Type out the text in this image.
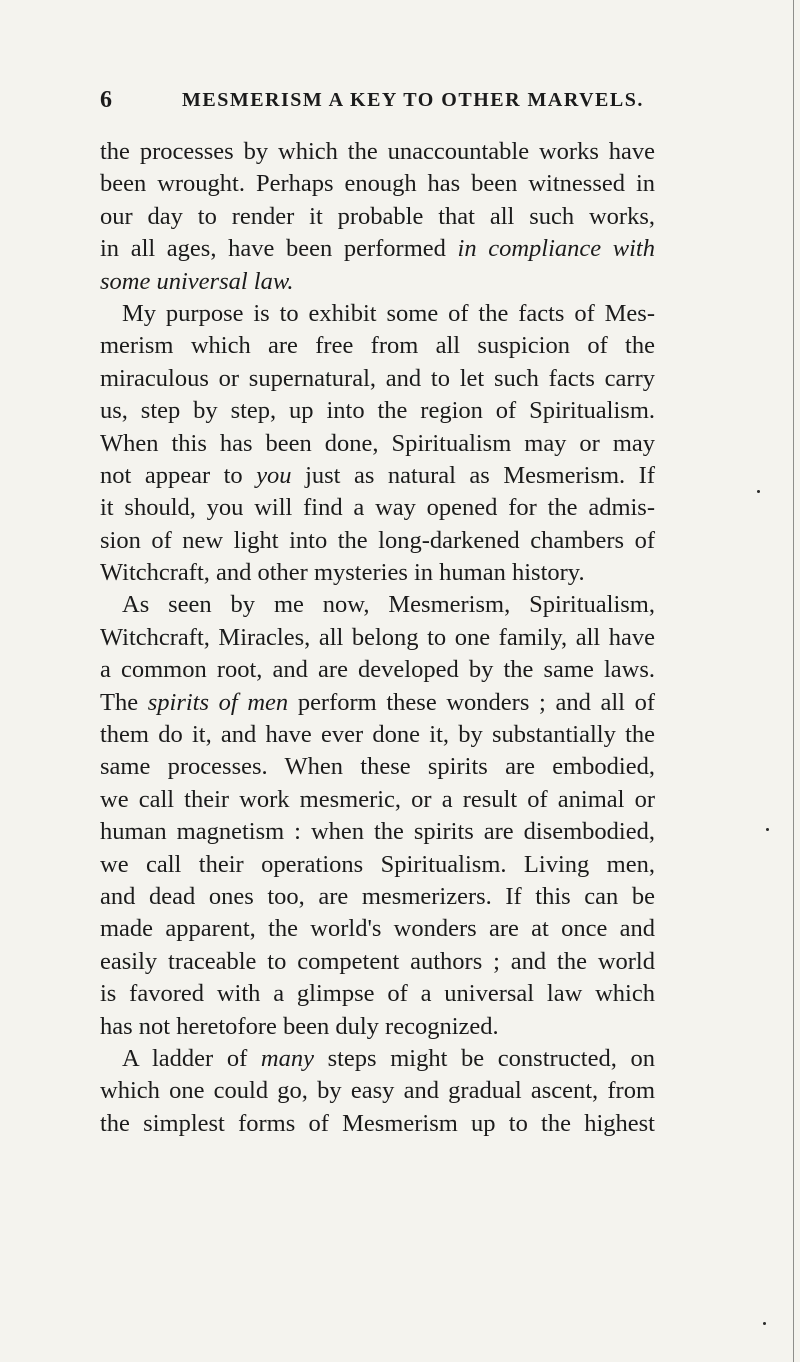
6	MESMERISM A KEY TO OTHER MARVELS.
the processes by which the unaccountable works have
been wrought. Perhaps enough has been witnessed in
our day to render it probable that all such works,
in all ages, have been performed in compliance with
some universal law.
My purpose is to exhibit some of the facts of Mes-
merism which are free from all suspicion of the
miraculous or supernatural, and to let such facts carry
us, step by step, up into the region of Spiritualism.
When this has been done, Spiritualism may or may
not appear to you just as natural as Mesmerism. If
it should, you will find a way opened for the admis-
sion of new light into the long-darkened chambers of
Witchcraft, and other mysteries in human history.
As seen by me now, Mesmerism, Spiritualism,
Witchcraft, Miracles, all belong to one family, all have
a common root, and are developed by the same laws.
The spirits of men perform these wonders ; and all of
them do it, and have ever done it, by substantially the
same processes. When these spirits are embodied,
we call their work mesmeric, or a result of animal or
human magnetism : when the spirits are disembodied,
we call their operations Spiritualism. Living men,
and dead ones too, are mesmerizers. If this can be
made apparent, the world's wonders are at once and
easily traceable to competent authors ; and the world
is favored with a glimpse of a universal law which
has not heretofore been duly recognized.
A ladder of many steps might be constructed, on
which one could go, by easy and gradual ascent, from
the simplest forms of Mesmerism up to the highest
